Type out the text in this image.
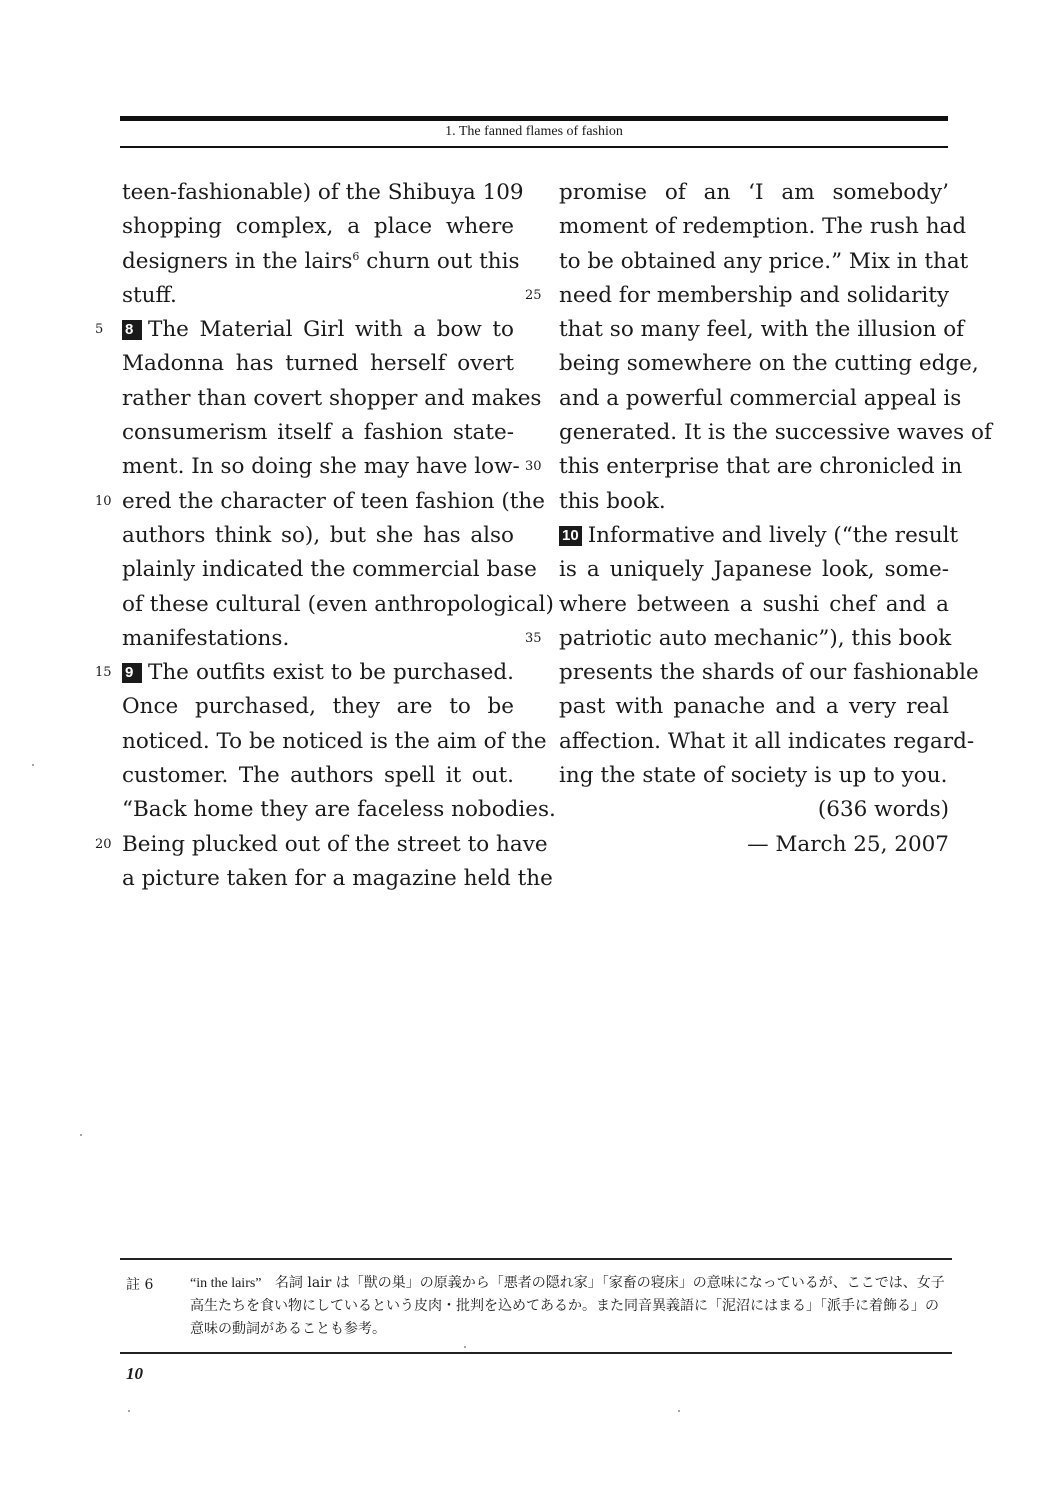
1. The fanned flames of fashion
teen-fashionable) of the Shibuya 109
shopping complex, a place where
designers in the lairs$^6$ churn out this
stuff.
5 8 The Material Girl with a bow to
Madonna has turned herself overt
rather than covert shopper and makes
consumerism itself a fashion state-
ment. In so doing she may have low-
10 ered the character of teen fashion (the
authors think so), but she has also
plainly indicated the commercial base
of these cultural (even anthropological)
manifestations.
15 9 The outfits exist to be purchased.
Once purchased, they are to be
noticed. To be noticed is the aim of the
customer. The authors spell it out.
“Back home they are faceless nobodies.
20 Being plucked out of the street to have
a picture taken for a magazine held the
promise of an ‘I am somebody’
moment of redemption. The rush had
to be obtained any price.” Mix in that
25 need for membership and solidarity
that so many feel, with the illusion of
being somewhere on the cutting edge,
and a powerful commercial appeal is
generated. It is the successive waves of
30 this enterprise that are chronicled in
this book.
10 Informative and lively (“the result
is a uniquely Japanese look, some-
where between a sushi chef and a
35 patriotic auto mechanic”), this book
presents the shards of our fashionable
past with panache and a very real
affection. What it all indicates regard-
ing the state of society is up to you.
(636 words)
— March 25, 2007
註 6	“in the lairs” 名詞 lair は「獣の巣」の原義から「悪者の隠れ家」「家畜の寝床」の意味になっているが、ここでは、女子高生たちを食い物にしているという皮肉・批判を込めてあるか。また同音異義語に「泥沼にはまる」「派手に着飾る」の意味の動詞があることも参考。
10
